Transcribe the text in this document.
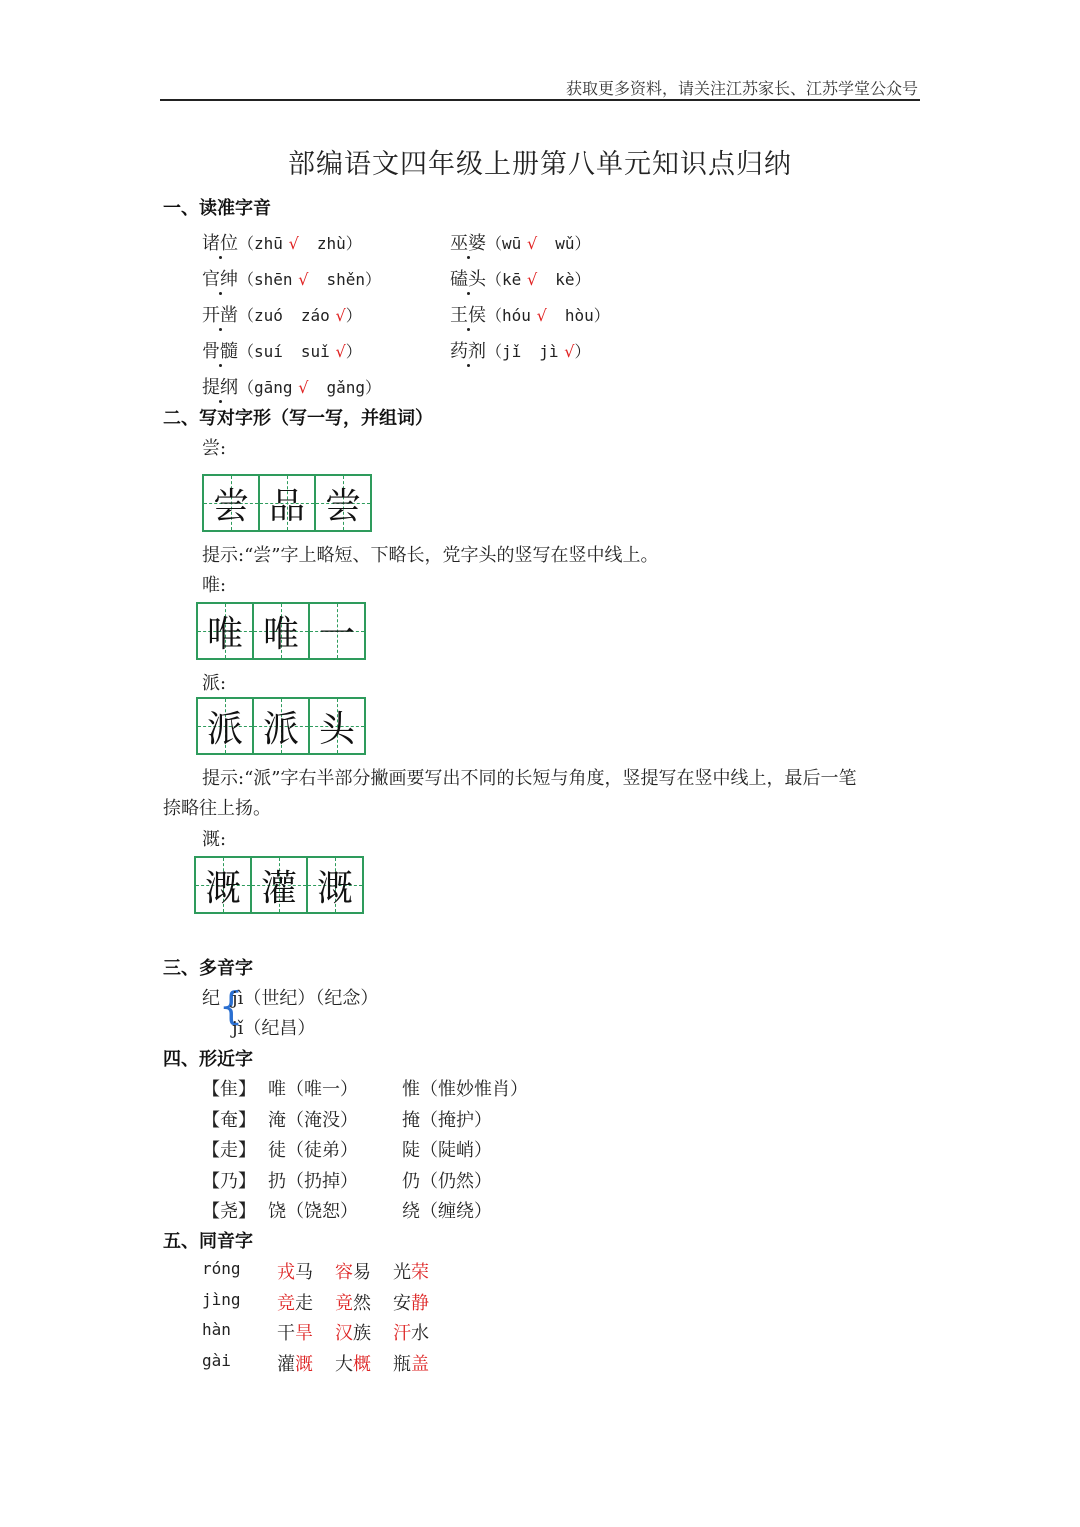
获取更多资料，请关注江苏家长、江苏学堂公众号
部编语文四年级上册第八单元知识点归纳
一、读准字音
诸位（zhū √ zhù）	巫婆（wū √ wǔ）
官绅（shēn √ shěn）	磕头（kē √ kè）
开凿（zuó záo √）	王侯（hóu √ hòu）
骨髓（suí suǐ √）	药剂（jǐ jì √）
提纲（gāng √ gǎng）
二、写对字形（写一写，并组词）
尝:
尝 品 尝
提示:“尝”字上略短、下略长，党字头的竖写在竖中线上。
唯:
唯 唯 一
派:
派 派 头
提示:“派”字右半部分撇画要写出不同的长短与角度，竖提写在竖中线上，最后一笔
捺略往上扬。
溉:
溉 灌 溉
三、多音字
纪 {
jì（世纪）（纪念）
jǐ（纪昌）
四、形近字
【隹】 唯（唯一） 惟（惟妙惟肖）
【奄】 淹（淹没） 掩（掩护）
【走】 徒（徒弟） 陡（陡峭）
【乃】 扔（扔掉） 仍（仍然）
【尧】 饶（饶恕） 绕（缠绕）
五、同音字
róng 戎马 容易 光荣
jìng 竞走 竟然 安静
hàn	干旱 汉族 汗水
gài	灌溉 大概 瓶盖
